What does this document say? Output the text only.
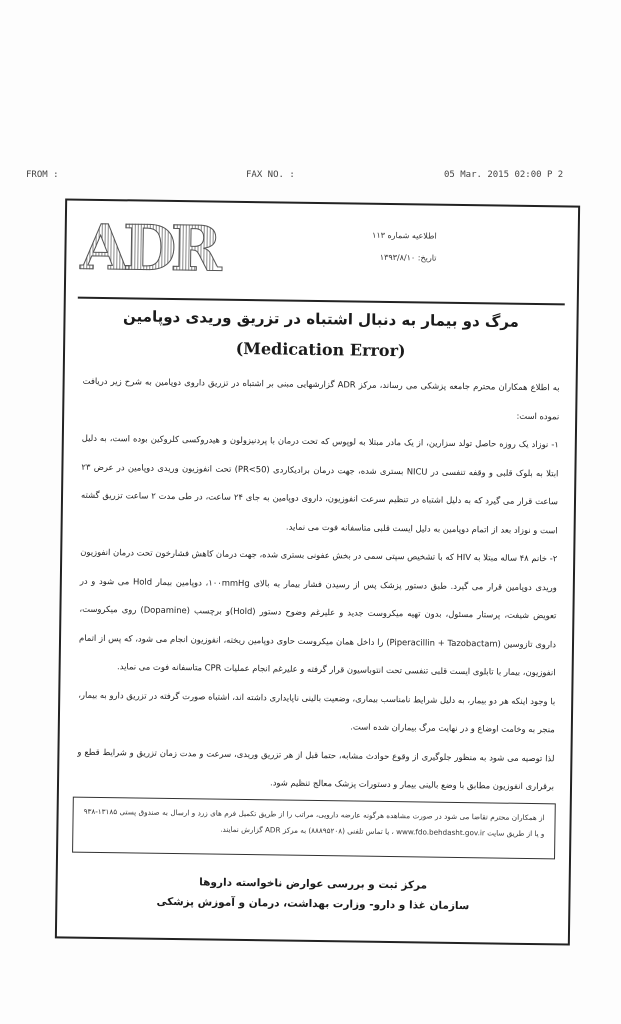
FROM :	FAX NO. :	05 Mar. 2015 02:00 P 2
ADR	اطلاعیه شماره ۱۱۳
تاریخ: ۱۳۹۳/۸/۱۰
مرگ دو بیمار به دنبال اشتباه در تزریق وریدی دوپامین
(Medication Error)

به اطلاع همکاران محترم جامعه پزشکی می رساند، مرکز ADR گزارشهایی مبنی بر اشتباه در تزریق داروی دوپامین به شرح زیر دریافت نموده است:

۱- نوزاد یک روزه حاصل تولد سزارین، از یک مادر مبتلا به لوپوس که تحت درمان با پردنیزولون و هیدروکسی کلروکین بوده است، به دلیل ابتلا به بلوک قلبی و وقفه تنفسی در NICU بستری شده، جهت درمان برادیکاردی (PR<50) تحت انفوزیون وریدی دوپامین در عرض ۲۳ ساعت قرار می گیرد که به دلیل اشتباه در تنظیم سرعت انفوزیون، داروی دوپامین به جای ۲۴ ساعت، در طی مدت ۲ ساعت تزریق گشته است و نوزاد بعد از اتمام دوپامین به دلیل ایست قلبی متاسفانه فوت می نماید.

۲- خانم ۴۸ ساله مبتلا به HIV که با تشخیص سپتی سمی در بخش عفونی بستری شده، جهت درمان کاهش فشارخون تحت درمان انفوزیون وریدی دوپامین قرار می گیرد. طبق دستور پزشک پس از رسیدن فشار بیمار به بالای ۱۰۰mmHg، دوپامین بیمار Hold می شود و در تعویض شیفت، پرستار مسئول، بدون تهیه میکروست جدید و علیرغم وضوح دستور (Hold)و برچسب (Dopamine) روی میکروست، داروی تازوسین (Piperacillin + Tazobactam) را داخل همان میکروست حاوی دوپامین ریخته، انفوزیون انجام می شود، که پس از اتمام انفوزیون، بیمار با تابلوی ایست قلبی تنفسی تحت انتوباسیون قرار گرفته و علیرغم انجام عملیات CPR متاسفانه فوت می نماید.

با وجود اینکه هر دو بیمار، به دلیل شرایط نامناسب بیماری، وضعیت بالینی ناپایداری داشته اند، اشتباه صورت گرفته در تزریق دارو به بیمار، منجر به وخامت اوضاع و در نهایت مرگ بیماران شده است.

لذا توصیه می شود به منظور جلوگیری از وقوع حوادث مشابه، حتما قبل از هر تزریق وریدی، سرعت و مدت زمان تزریق و شرایط قطع و برقراری انفوزیون مطابق با وضع بالینی بیمار و دستورات پزشک معالج تنظیم شود.

از همکاران محترم تقاضا می شود در صورت مشاهده هرگونه عارضه دارویی، مراتب را از طریق تکمیل فرم های زرد و ارسال به صندوق پستی ۱۳۱۸۵-۹۳۸ و یا از طریق سایت www.fdo.behdasht.gov.ir ، یا تماس تلفنی (۸۸۸۹۵۲۰۸) به مرکز ADR گزارش نمایند.
مرکز ثبت و بررسی عوارض ناخواسته داروها
سازمان غذا و دارو- وزارت بهداشت، درمان و آموزش پزشکی
